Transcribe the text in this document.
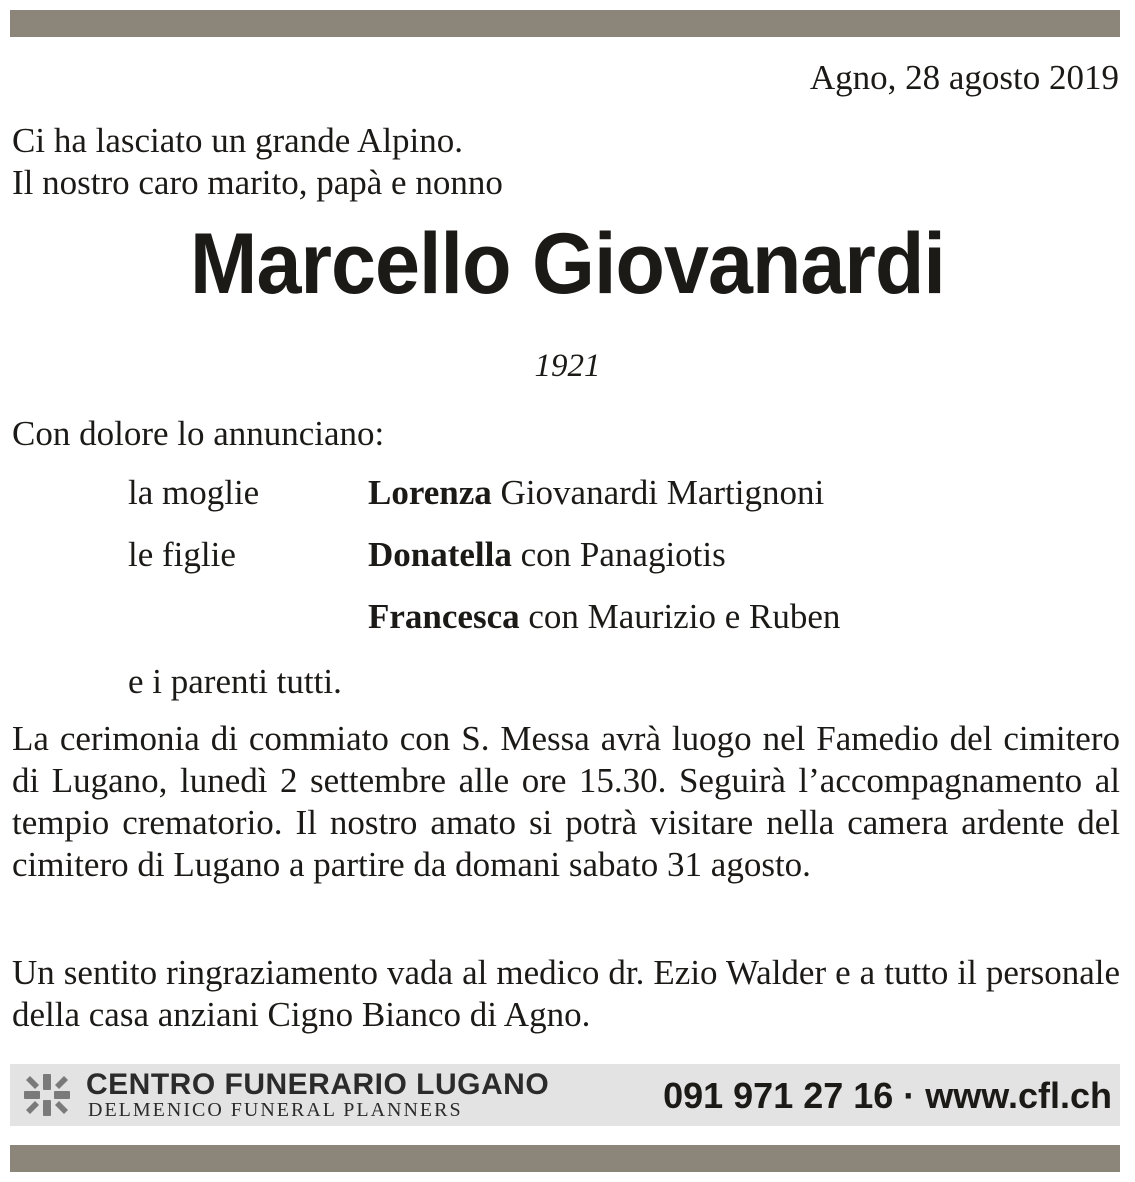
Agno, 28 agosto 2019
Ci ha lasciato un grande Alpino.
Il nostro caro marito, papà e nonno
Marcello Giovanardi
1921
Con dolore lo annunciano:
la moglie	Lorenza Giovanardi Martignoni
le figlie	Donatella con Panagiotis
Francesca con Maurizio e Ruben
e i parenti tutti.
La cerimonia di commiato con S. Messa avrà luogo nel Famedio del cimitero di Lugano, lunedì 2 settembre alle ore 15.30. Seguirà l’accompagnamento al tempio crematorio. Il nostro amato si potrà visitare nella camera ardente del cimitero di Lugano a partire da domani sabato 31 agosto.
Un sentito ringraziamento vada al medico dr. Ezio Walder e a tutto il personale della casa anziani Cigno Bianco di Agno.
CENTRO FUNERARIO LUGANO
DELMENICO FUNERAL PLANNERS	091 971 27 16 · www.cfl.ch
